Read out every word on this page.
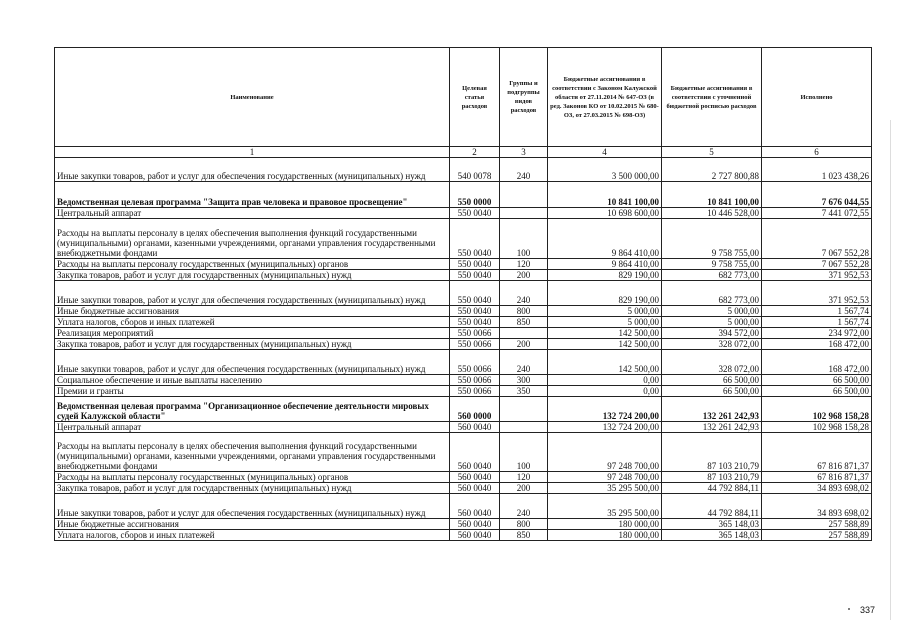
Наименование	Целевая статья расходов	Группы и подгруппы видов расходов	Бюджетные ассигнования в соответствии с Законом Калужской области от 27.11.2014 № 647-ОЗ (в ред. Законов КО от 10.02.2015 № 680-ОЗ, от 27.03.2015 № 698-ОЗ)	Бюджетные ассигнования в соответствии с уточненной бюджетной росписью расходов	Исполнено
1	2	3	4	5	6
Иные закупки товаров, работ и услуг для обеспечения государственных (муниципальных) нужд	540 0078	240	3 500 000,00	2 727 800,88	1 023 438,26
Ведомственная целевая программа "Защита прав человека и правовое просвещение"	550 0000		10 841 100,00	10 841 100,00	7 676 044,55
Центральный аппарат	550 0040		10 698 600,00	10 446 528,00	7 441 072,55
Расходы на выплаты персоналу в целях обеспечения выполнения функций государственными (муниципальными) органами, казенными учреждениями, органами управления государственными внебюджетными фондами	550 0040	100	9 864 410,00	9 758 755,00	7 067 552,28
Расходы на выплаты персоналу государственных (муниципальных) органов	550 0040	120	9 864 410,00	9 758 755,00	7 067 552,28
Закупка товаров, работ и услуг для государственных (муниципальных) нужд	550 0040	200	829 190,00	682 773,00	371 952,53
Иные закупки товаров, работ и услуг для обеспечения государственных (муниципальных) нужд	550 0040	240	829 190,00	682 773,00	371 952,53
Иные бюджетные ассигнования	550 0040	800	5 000,00	5 000,00	1 567,74
Уплата налогов, сборов и иных платежей	550 0040	850	5 000,00	5 000,00	1 567,74
Реализация мероприятий	550 0066		142 500,00	394 572,00	234 972,00
Закупка товаров, работ и услуг для государственных (муниципальных) нужд	550 0066	200	142 500,00	328 072,00	168 472,00
Иные закупки товаров, работ и услуг для обеспечения государственных (муниципальных) нужд	550 0066	240	142 500,00	328 072,00	168 472,00
Социальное обеспечение и иные выплаты населению	550 0066	300	0,00	66 500,00	66 500,00
Премии и гранты	550 0066	350	0,00	66 500,00	66 500,00
Ведомственная целевая программа "Организационное обеспечение деятельности мировых судей Калужской области"	560 0000		132 724 200,00	132 261 242,93	102 968 158,28
Центральный аппарат	560 0040		132 724 200,00	132 261 242,93	102 968 158,28
Расходы на выплаты персоналу в целях обеспечения выполнения функций государственными (муниципальными) органами, казенными учреждениями, органами управления государственными внебюджетными фондами	560 0040	100	97 248 700,00	87 103 210,79	67 816 871,37
Расходы на выплаты персоналу государственных (муниципальных) органов	560 0040	120	97 248 700,00	87 103 210,79	67 816 871,37
Закупка товаров, работ и услуг для государственных (муниципальных) нужд	560 0040	200	35 295 500,00	44 792 884,11	34 893 698,02
Иные закупки товаров, работ и услуг для обеспечения государственных (муниципальных) нужд	560 0040	240	35 295 500,00	44 792 884,11	34 893 698,02
Иные бюджетные ассигнования	560 0040	800	180 000,00	365 148,03	257 588,89
Уплата налогов, сборов и иных платежей	560 0040	850	180 000,00	365 148,03	257 588,89
337
